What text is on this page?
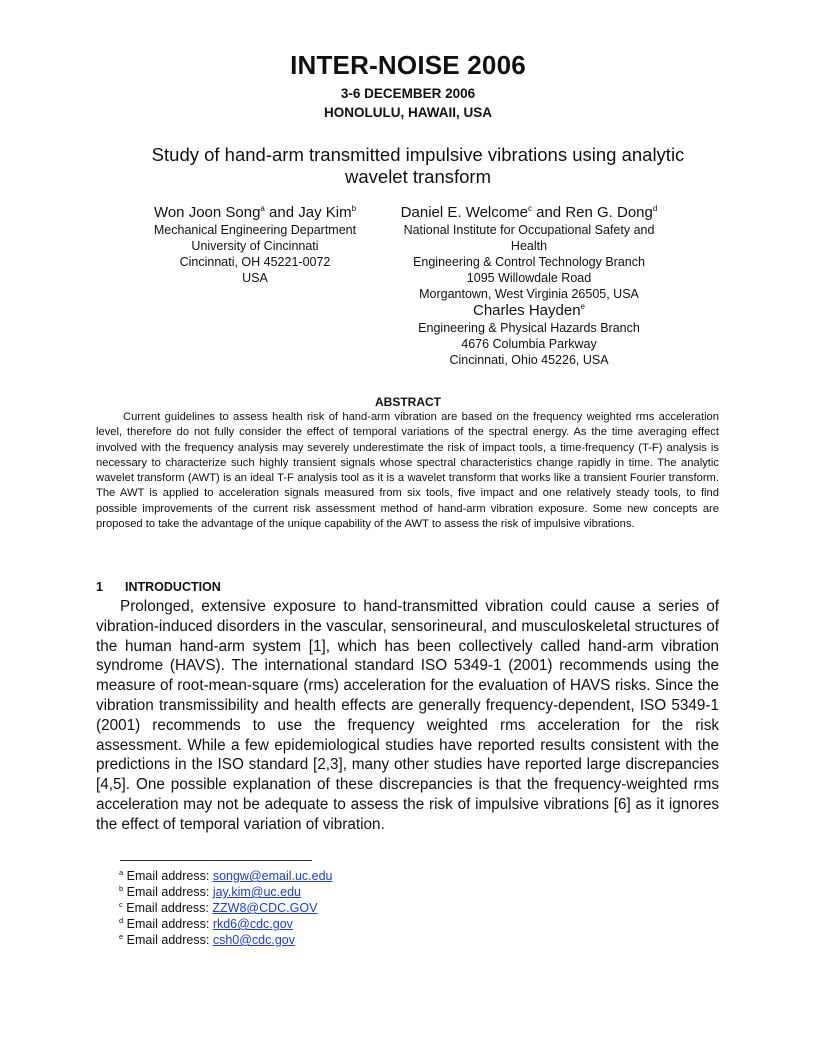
INTER-NOISE 2006
3-6 DECEMBER 2006
HONOLULU, HAWAII, USA
Study of hand-arm transmitted impulsive vibrations using analytic wavelet transform
Won Joon Song$^a$ and Jay Kim$^b$
Mechanical Engineering Department
University of Cincinnati
Cincinnati, OH 45221-0072
USA
Daniel E. Welcome$^c$ and Ren G. Dong$^d$
National Institute for Occupational Safety and Health
Engineering & Control Technology Branch
1095 Willowdale Road
Morgantown, West Virginia 26505, USA
Charles Hayden$^e$
Engineering & Physical Hazards Branch
4676 Columbia Parkway
Cincinnati, Ohio 45226, USA
ABSTRACT

Current guidelines to assess health risk of hand-arm vibration are based on the frequency weighted rms acceleration level, therefore do not fully consider the effect of temporal variations of the spectral energy. As the time averaging effect involved with the frequency analysis may severely underestimate the risk of impact tools, a time-frequency (T-F) analysis is necessary to characterize such highly transient signals whose spectral characteristics change rapidly in time. The analytic wavelet transform (AWT) is an ideal T-F analysis tool as it is a wavelet transform that works like a transient Fourier transform. The AWT is applied to acceleration signals measured from six tools, five impact and one relatively steady tools, to find possible improvements of the current risk assessment method of hand-arm vibration exposure. Some new concepts are proposed to take the advantage of the unique capability of the AWT to assess the risk of impulsive vibrations.

1 INTRODUCTION

Prolonged, extensive exposure to hand-transmitted vibration could cause a series of vibration-induced disorders in the vascular, sensorineural, and musculoskeletal structures of the human hand-arm system [1], which has been collectively called hand-arm vibration syndrome (HAVS). The international standard ISO 5349-1 (2001) recommends using the measure of root-mean-square (rms) acceleration for the evaluation of HAVS risks. Since the vibration transmissibility and health effects are generally frequency-dependent, ISO 5349-1 (2001) recommends to use the frequency weighted rms acceleration for the risk assessment. While a few epidemiological studies have reported results consistent with the predictions in the ISO standard [2,3], many other studies have reported large discrepancies [4,5]. One possible explanation of these discrepancies is that the frequency-weighted rms acceleration may not be adequate to assess the risk of impulsive vibrations [6] as it ignores the effect of temporal variation of vibration.

$^a$ Email address: songw@email.uc.edu
$^b$ Email address: jay.kim@uc.edu
$^c$ Email address: ZZW8@CDC.GOV
$^d$ Email address: rkd6@cdc.gov
$^e$ Email address: csh0@cdc.gov
